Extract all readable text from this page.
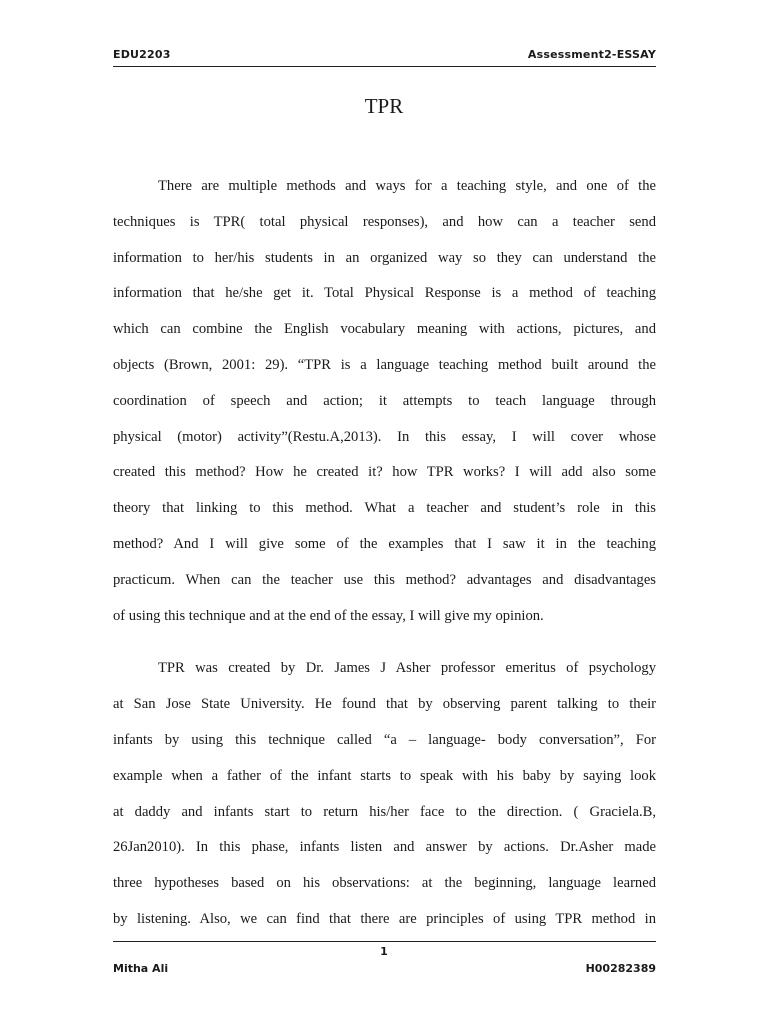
EDU2203	Assessment2-ESSAY
TPR
There are multiple methods and ways for a teaching style, and one of the
techniques is TPR( total physical responses), and how can a teacher send
information to her/his students in an organized way so they can understand the
information that he/she get it. Total Physical Response is a method of teaching
which can combine the English vocabulary meaning with actions, pictures, and
objects (Brown, 2001: 29). “TPR is a language teaching method built around the
coordination of speech and action; it attempts to teach language through
physical (motor) activity”(Restu.A,2013). In this essay, I will cover whose
created this method? How he created it? how TPR works? I will add also some
theory that linking to this method. What a teacher and student’s role in this
method? And I will give some of the examples that I saw it in the teaching
practicum. When can the teacher use this method? advantages and disadvantages
of using this technique and at the end of the essay, I will give my opinion.
TPR was created by Dr. James J Asher professor emeritus of psychology
at San Jose State University. He found that by observing parent talking to their
infants by using this technique called “a – language- body conversation”, For
example when a father of the infant starts to speak with his baby by saying look
at daddy and infants start to return his/her face to the direction. ( Graciela.B,
26Jan2010). In this phase, infants listen and answer by actions. Dr.Asher made
three hypotheses based on his observations: at the beginning, language learned
by listening. Also, we can find that there are principles of using TPR method in
1
Mitha Ali	H00282389
